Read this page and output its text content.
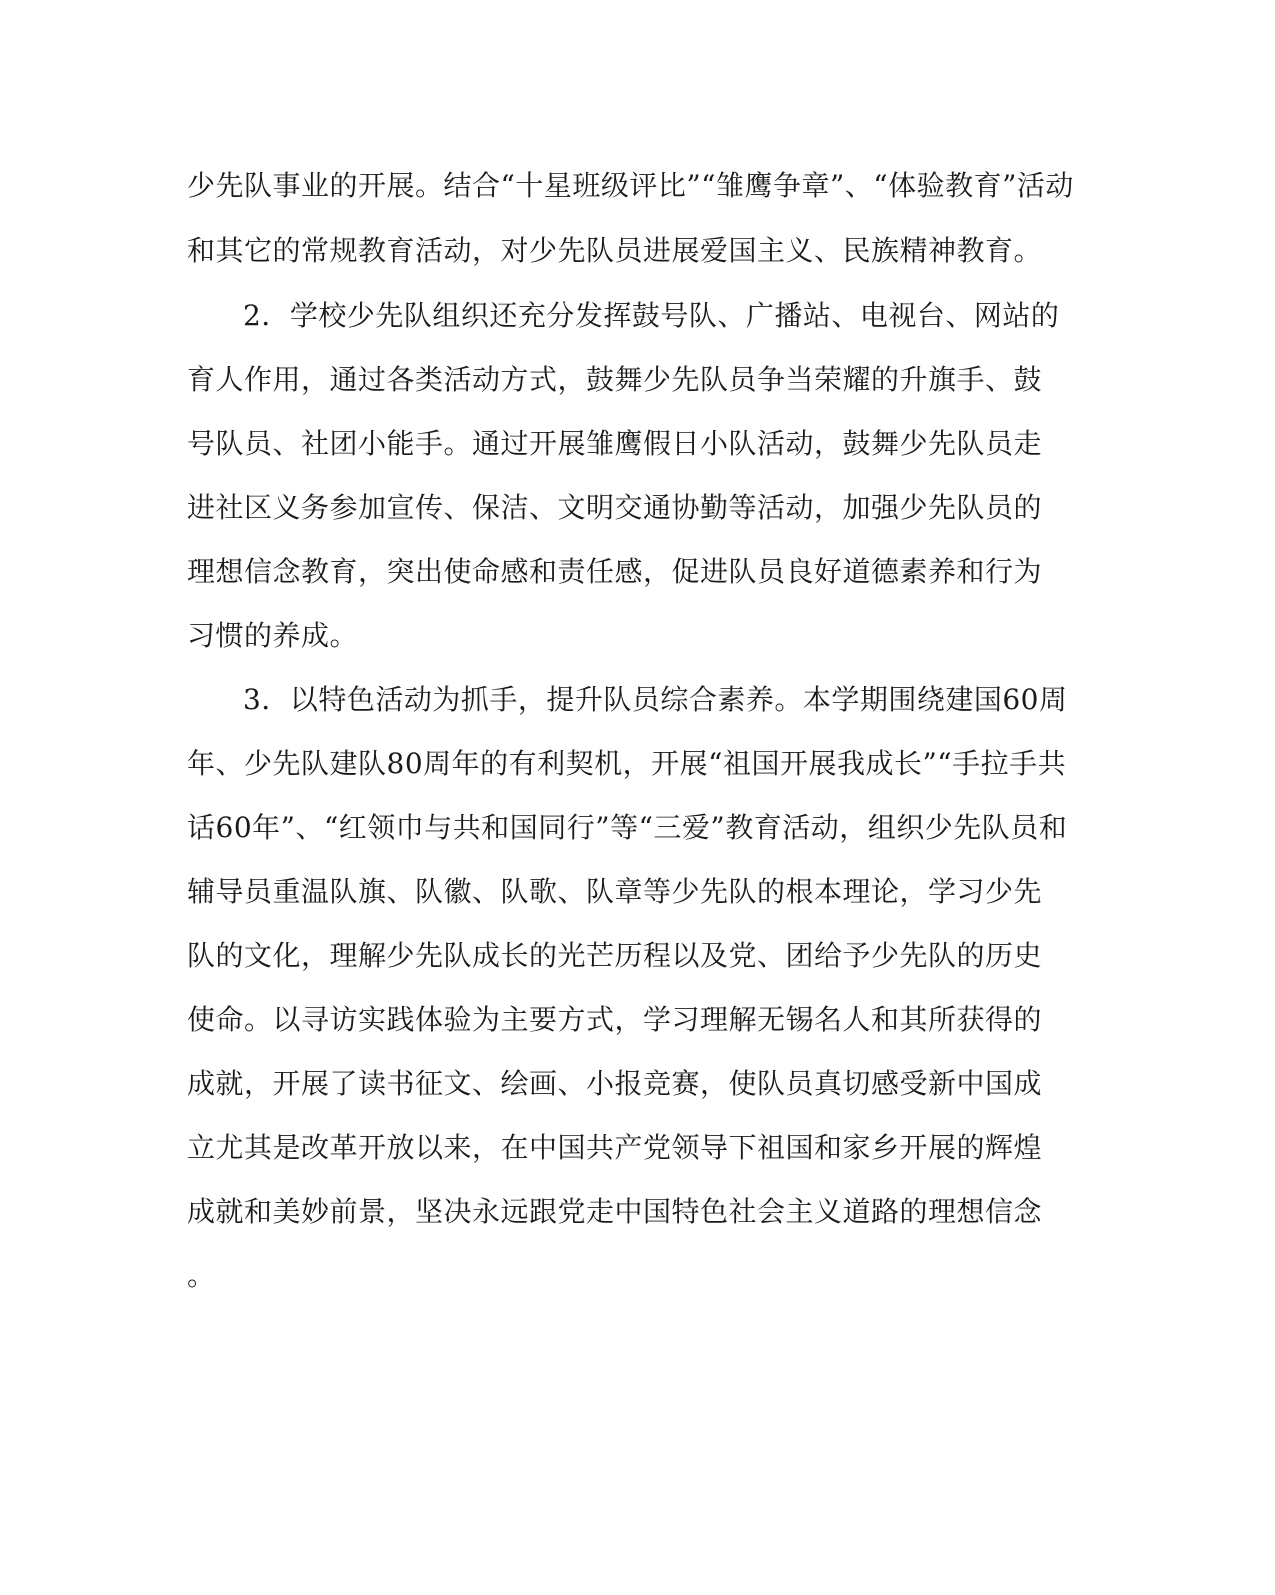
少先队事业的开展。结合“十星班级评比”“雏鹰争章”、“体验教育”活动
和其它的常规教育活动，对少先队员进展爱国主义、民族精神教育。
2．学校少先队组织还充分发挥鼓号队、广播站、电视台、网站的
育人作用，通过各类活动方式，鼓舞少先队员争当荣耀的升旗手、鼓
号队员、社团小能手。通过开展雏鹰假日小队活动，鼓舞少先队员走
进社区义务参加宣传、保洁、文明交通协勤等活动，加强少先队员的
理想信念教育，突出使命感和责任感，促进队员良好道德素养和行为
习惯的养成。
3．以特色活动为抓手，提升队员综合素养。本学期围绕建国60周
年、少先队建队80周年的有利契机，开展“祖国开展我成长”“手拉手共
话60年”、“红领巾与共和国同行”等“三爱”教育活动，组织少先队员和
辅导员重温队旗、队徽、队歌、队章等少先队的根本理论，学习少先
队的文化，理解少先队成长的光芒历程以及党、团给予少先队的历史
使命。以寻访实践体验为主要方式，学习理解无锡名人和其所获得的
成就，开展了读书征文、绘画、小报竞赛，使队员真切感受新中国成
立尤其是改革开放以来，在中国共产党领导下祖国和家乡开展的辉煌
成就和美妙前景，坚决永远跟党走中国特色社会主义道路的理想信念
。
